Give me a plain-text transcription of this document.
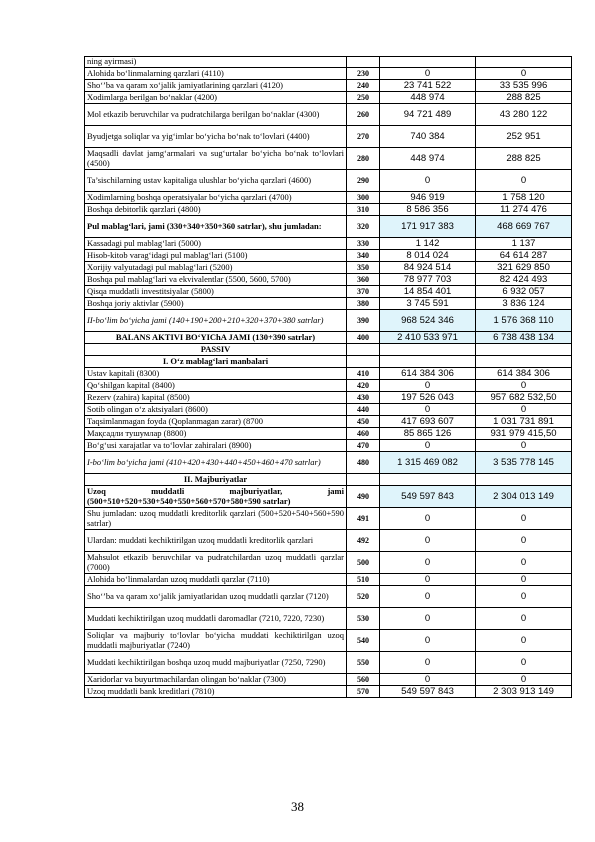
ning ayirmasi)			
Alohida bo‘linmalarning qarzlari (4110)	230	0	0
Sho‘’ba va qaram xo‘jalik jamiyatlarining qarzlari (4120)	240	23 741 522	33 535 996
Xodimlarga berilgan bo‘naklar (4200)	250	448 974	288 825
Mol etkazib beruvchilar va pudratchilarga berilgan bo‘naklar (4300)	260	94 721 489	43 280 122
Byudjetga soliqlar va yig‘imlar bo‘yicha bo‘nak to‘lovlari (4400)	270	740 384	252 951
Maqsadli davlat jamg‘armalari va sug‘urtalar bo‘yicha bo‘nak to‘lovlari (4500)	280	448 974	288 825
Ta’sischilarning ustav kapitaliga ulushlar bo‘yicha qarzlari (4600)	290	0	0
Xodimlarning boshqa operatsiyalar bo‘yicha qarzlari (4700)	300	946 919	1 758 120
Boshqa debitorlik qarzlari (4800)	310	8 586 356	11 274 476
Pul mablag‘lari, jami (330+340+350+360 satrlar), shu jumladan:	320	171 917 383	468 669 767
Kassadagi pul mablag‘lari (5000)	330	1 142	1 137
Hisob-kitob varag‘idagi pul mablag‘lari (5100)	340	8 014 024	64 614 287
Xorijiy valyutadagi pul mablag‘lari (5200)	350	84 924 514	321 629 850
Boshqa pul mablag‘lari va ekvivalentlar (5500, 5600, 5700)	360	78 977 703	82 424 493
Qisqa muddatli investitsiyalar (5800)	370	14 854 401	6 932 057
Boshqa joriy aktivlar (5900)	380	3 745 591	3 836 124
II-bo‘lim bo‘yicha jami (140+190+200+210+320+370+380 satrlar)	390	968 524 346	1 576 368 110
BALANS AKTIVI BO‘YIChA JAMI (130+390 satrlar)	400	2 410 533 971	6 738 438 134
PASSIV			
I. O‘z mablag‘lari manbalari			
Ustav kapitali (8300)	410	614 384 306	614 384 306
Qo‘shilgan kapital (8400)	420	0	0
Rezerv (zahira) kapital (8500)	430	197 526 043	957 682 532,50
Sotib olingan o‘z aktsiyalari (8600)	440	0	0
Taqsimlanmagan foyda (Qoplanmagan zarar) (8700	450	417 693 607	1 031 731 891
Мақсадли тушумлар (8800)	460	85 865 126	931 979 415,50
Bo‘g‘usi xarajatlar va to‘lovlar zahiralari (8900)	470	0	0
I-bo‘lim bo‘yicha jami (410+420+430+440+450+460+470 satrlar)	480	1 315 469 082	3 535 778 145
II. Majburiyatlar			
Uzoq muddatli majburiyatlar, jami (500+510+520+530+540+550+560+570+580+590 satrlar)	490	549 597 843	2 304 013 149
Shu jumladan: uzoq muddatli kreditorlik qarzlari (500+520+540+560+590 satrlar)	491	0	0
Ulardan: muddati kechiktirilgan uzoq muddatli kreditorlik qarzlari	492	0	0
Mahsulot etkazib beruvchilar va pudratchilardan uzoq muddatli qarzlar (7000)	500	0	0
Alohida bo‘linmalardan uzoq muddatli qarzlar (7110)	510	0	0
Sho‘’ba va qaram xo‘jalik jamiyatlaridan uzoq muddatli qarzlar (7120)	520	0	0
Muddati kechiktirilgan uzoq muddatli daromadlar (7210, 7220, 7230)	530	0	0
Soliqlar va majburiy to‘lovlar bo‘yicha muddati kechiktirilgan uzoq muddatli majburiyatlar (7240)	540	0	0
Muddati kechiktirilgan boshqa uzoq mudd majburiyatlar (7250, 7290)	550	0	0
Xaridorlar va buyurtmachilardan olingan bo‘naklar (7300)	560	0	0
Uzoq muddatli bank kreditlari (7810)	570	549 597 843	2 303 913 149
38
